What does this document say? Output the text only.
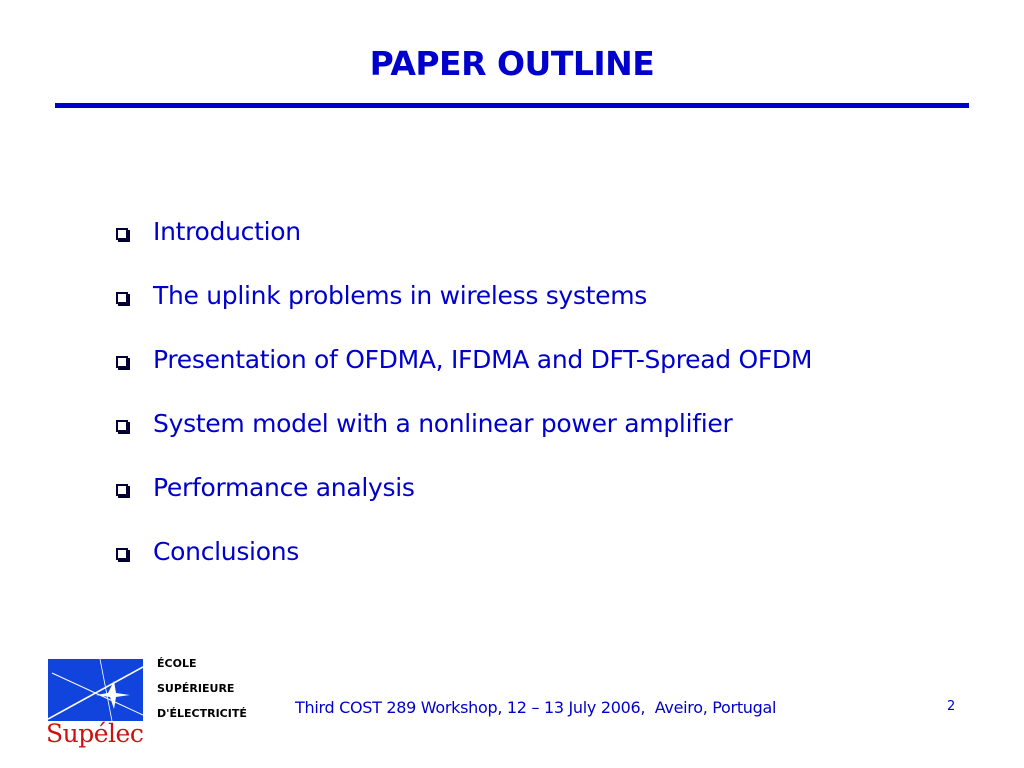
PAPER OUTLINE
Introduction
The uplink problems in wireless systems
Presentation of OFDMA, IFDMA and DFT-Spread OFDM
System model with a nonlinear power amplifier
Performance analysis
Conclusions
Supélec
ÉCOLE
SUPÉRIEURE
D'ÉLECTRICITÉ	Third COST 289 Workshop, 12 – 13 July 2006,  Aveiro, Portugal	2
